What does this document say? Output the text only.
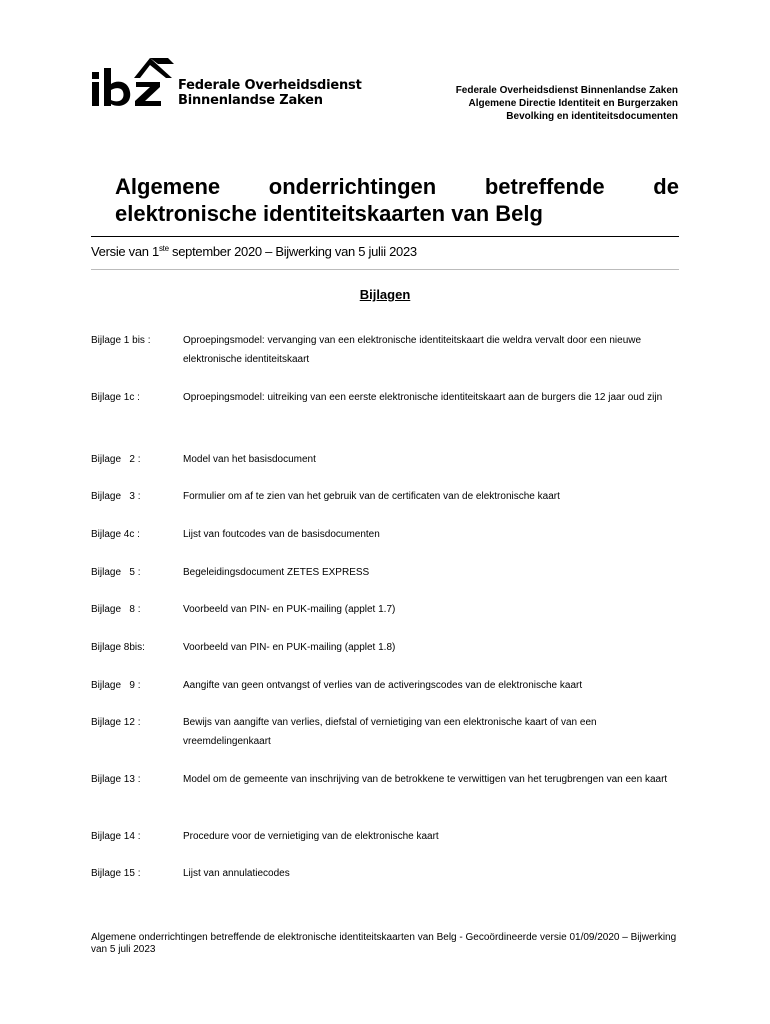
Federale Overheidsdienst
Binnenlandse Zaken
Federale Overheidsdienst Binnenlandse Zaken
Algemene Directie Identiteit en Burgerzaken
Bevolking en identiteitsdocumenten
Algemene onderrichtingen betreffende de
elektronische identiteitskaarten van Belg
Versie van 1ste september 2020 – Bijwerking van 5 julii 2023
Bijlagen
Bijlage 1 bis :	Oproepingsmodel: vervanging van een elektronische identiteitskaart die weldra vervalt door een nieuwe elektronische identiteitskaart
Bijlage 1c :	Oproepingsmodel: uitreiking van een eerste elektronische identiteitskaart aan de burgers die 12 jaar oud zijn
Bijlage   2 :	Model van het basisdocument
Bijlage   3 :	Formulier om af te zien van het gebruik van de certificaten van de elektronische kaart
Bijlage 4c :	Lijst van foutcodes van de basisdocumenten
Bijlage   5 :	Begeleidingsdocument ZETES EXPRESS
Bijlage   8 :	Voorbeeld van PIN- en PUK-mailing (applet 1.7)
Bijlage 8bis:	Voorbeeld van PIN- en PUK-mailing (applet 1.8)
Bijlage   9 :	Aangifte van geen ontvangst of verlies van de activeringscodes van de elektronische kaart
Bijlage 12 :	Bewijs van aangifte van verlies, diefstal of vernietiging van een elektronische kaart of van een vreemdelingenkaart
Bijlage 13 :	Model om de gemeente van inschrijving van de betrokkene te verwittigen van het terugbrengen van een kaart
Bijlage 14 :	Procedure voor de vernietiging van de elektronische kaart
Bijlage 15 :	Lijst van annulatiecodes
Algemene onderrichtingen betreffende de elektronische identiteitskaarten van Belg - Gecoördineerde versie 01/09/2020 – Bijwerking van 5 juli 2023
